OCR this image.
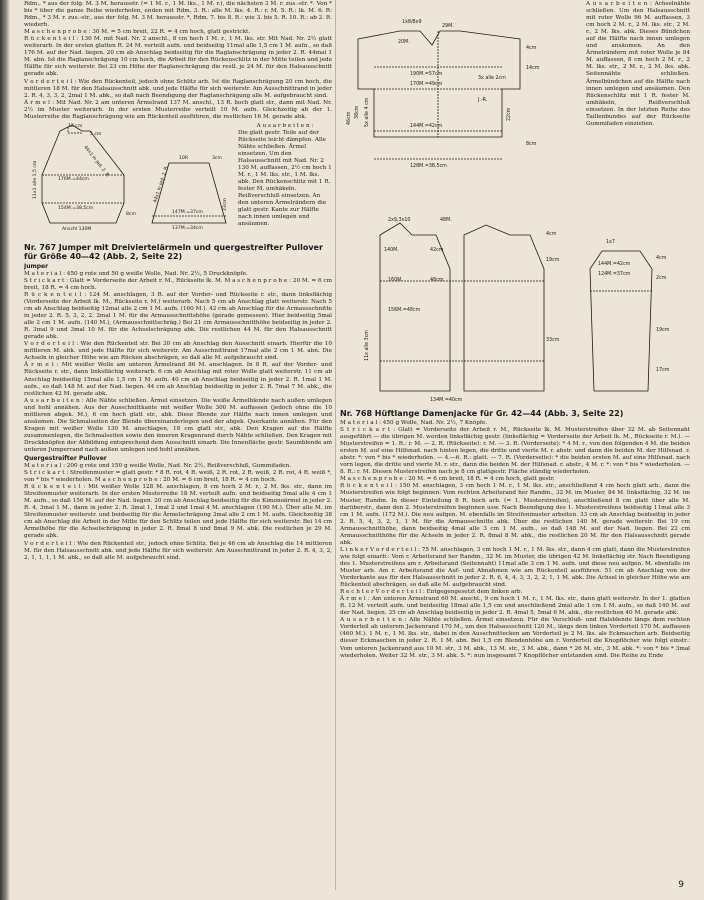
Rdm., * aus der folg. M. 3 M. herausstr. (= 1 M. r., 1 M. lks., 1 M. r.), die nächsten 3 M. r. zus.-str. *. Von * bis * über die ganze Reihe wiederholen, enden mit Rdm. 3. R.: alle M. lks. 4. R.: r. M. 5. R.: lk. M. 6. R: Rdm., * 3 M. r. zus.-str., aus der folg. M. 3 M. herausstr. *, Rdm. 7. bis 8. R.: wie 3. bis 5. R. 10. R.: ab 2. R. wiederh.

M a s c h e n p r o b e : 30 M. = 5 cm breit, 22 R. = 4 cm hoch, glatt gestrickt.

R ü c k e n t e i l : 130 M. mit Nad. Nr. 2 anschl., 8 cm hoch 1 M. r., 1 M. lks. str. Mit Nad. Nr. 2½ glatt weiterarb. In der ersten glatten R. 24 M. verteilt aufn. und beidseitig 11mal alle 1,5 cm 1 M. aufn., so daß 176 M. auf der Nad. liegen. 20 cm ab Anschlag beidseitig für die Raglanschrägung in jeder 2. R. 44mal 1 M. abn. Ist die Raglanschrägung 10 cm hoch, die Arbeit für den Rückenschlitz in der Mitte teilen und jede Hälfte für sich weiterstr. Bei 23 cm Höhe der Raglanschrägung die restl. je 24 M. für den Halsausschnitt gerade abk.

V o r d e r t e i l : Wie den Rückenteil, jedoch ohne Schlitz arb. Ist die Raglanschrägung 20 cm hoch, die mittleren 18 M. für den Halsausschnitt abk. und jede Hälfte für sich weiterstr. Am Ausschnittrand in jeder 2. R. 4, 3, 3, 2, 2mal 1 M. abk., so daß nach Beendigung der Raglanschrägung alle M. aufgebraucht sind.

Ä r m e l : Mit Nad. Nr. 2 am unteren Ärmelrand 137 M. anschl., 13 R. hoch glatt str., dann mit Nad. Nr. 2½ im Muster weiterarb. In der ersten Musterreihe verteilt 10 M. aufn. Gleichzeitig ab der 1. Musterreihe die Raglanschrägung wie am Rückenteil ausführen, die restlichen 16 M. gerade abk.

12 cm
5 cm
44x1 in jed. 2. R.
11x1 alle 1,5 cm	176M.=44cm
154M.=38,5cm
8cm
Anschl 130M
10R	3cm
147M.=37cm
137M.=34cm
23cm
44x1 in jed. 2. R.
A u s a r b e i t e n :
Die glatt gestr. Teile auf der Rückseite leicht dämpfen. Alle Nähte schließen. Ärmel einsetzen. Um den Halsausschnitt mit Nad. Nr. 2 130 M. auffassen, 2½ cm hoch 1 M. r., 1 M. lks. str., 1 M. lks. abk. Den Rückenschlitz mit 1 R. fester M. umhäkeln. Reißverschluß einsetzen. An den unteren Ärmelrändern die glatt gestr. Kante zur Hälfte nach innen umlegen und ansäumen.
Nr. 767 Jumper mit Dreiviertelärmeln und quergestreifter Pullover für Größe 40—42 (Abb. 2, Seite 22)
Jumper

M a t e r i a l : 450 g rote und 50 g weiße Wolle, Nad. Nr. 2½, 5 Druckknöpfe.

S t r i c k a r t : Glatt = Vorderseite der Arbeit r. M., Rückseite lk. M. M a s c h e n p r o b e : 20 M. = 6 cm breit, 18 R. = 4 cm hoch.

R ü c k e n t e i l : 124 M. anschlagen, 3 R. auf der Vorder- und Rückseite r. str., dann linksflächig (Vorderseite der Arbeit lk. M., Rückseite r. M.) weiterarb. Nach 5 cm ab Anschlag glatt weiterstr. Nach 5 cm ab Anschlag beidseitig 12mal alle 2 cm 1 M. aufn. (160 M.). 42 cm ab Anschlag für die Armausschnitte in jeder 2. R. 5, 3, 2, 2, 2mal 1 M. für die Armausschnittshöhe (gerade gemessen). Hier beidseitig 5mal alle 2 cm 1 M. aufn. (140 M.), (Armausschnittschräg.) Bei 21 cm Armausschnitthöhe beidseitig in jeder 2. R. 3mal 9 und 3mal 10 M. für die Achselschrägung abk. Die restlichen 44 M. für den Halsausschnitt gerade abk.

V o r d e r t e i l : Wie den Rückenteil str. Bei 30 cm ab Anschlag den Ausschnitt einarb. Hierfür die 10 mittleren M. abk. und jede Hälfte für sich weiterstr. Am Ausschnittrand 17mal alle 2 cm 1 M. abn. Die Achseln in gleicher Höhe wie am Rücken abschrägen, so daß alle M. aufgebraucht sind.

Ä r m e l : Mit weißer Wolle am unteren Ärmelrand 86 M. anschlagen. In 8 R. auf der Vorder- und Rückseite r. str., dann linksflächig weiterarb. 6 cm ab Anschlag mit roter Wolle glatt weiterstr. 11 cm ab Anschlag beidseitig 15mal alle 1,5 cm 1 M. aufn. 40 cm ab Anschlag beidseitig in jeder 2. R. 1mal 1 M. aufn., so daß 148 M. auf der Nad. liegen. 44 cm ab Anschlag beidseitig in jeder 2. R. 7mal 7 M. abk., die restlichen 42 M. gerade abk.

A u s a r b e i t e n : Alle Nähte schließen. Ärmel einsetzen. Die weiße Ärmelblende nach außen umlegen und hohl annähen. Aus der Ausschnittkante mit weißer Wolle 300 M. auffassen (jedoch ohne die 10 mittleren abgek. M.), 6 cm hoch glatt str., abk. Diese Blende zur Hälfte nach innen umlegen und ansäumen. Die Schmalseiten der Blende übereinanderlegen und der abgek. Querkante annähen. Für den Kragen mit weißer Wolle 130 M. anschlagen, 18 cm glatt str., abk. Den Kragen auf die Hälfte zusammenlegen, die Schmalseiten sowie den inneren Kragenrand durch Nähte schließen. Den Kragen mit Druckknöpfen der Abbildung entsprechend dem Ausschnitt einarb. Die Innenfläche gestr. Saumblende am unteren Jumperrand nach außen umlegen und hohl annähen.

Quergestreifter Pullover

M a t e r i a l : 200 g rote und 150 g weiße Wolle, Nad. Nr. 2½, Reißverschluß, Gummifaden.

S t r i c k a r t : Streifenmuster = glatt gestr. * 8 R. rot, 4 R. weiß, 2 R. rot, 2 R. weiß, 2 R. rot, 4 R. weiß *, von * bis * wiederholen. M a s c h e n p r o b e : 20 M. = 6 cm breit, 18 R. = 4 cm hoch.

R ü c k e n t e i l : Mit weißer Wolle 128 M. anschlagen, 8 cm hoch 2 M. r., 2 M. lks. str., dann im Streifenmuster weiterarb. In der ersten Musterreihe 18 M. verteilt aufn. und beidseitig 5mal alle 4 cm 1 M. aufn., so daß 156 M. auf der Nad. liegen. 20 cm ab Anschlag beidseitig für die Kimonoärmel in jeder 2. R. 4, 3mal 1 M., dann in jeder 2. R. 3mal 1, 1mal 2 und 1mal 4 M. anschlagen (190 M.). Über alle M. im Streifenmuster weiterstr. und beidseitig für die Ärmelschrägung 3mal alle 2 cm 1 M. aufn. Gleichzeitig 38 cm ab Anschlag die Arbeit in der Mitte für den Schlitz teilen und jede Hälfte für sich weiterstr. Bei 14 cm Ärmelhöhe für die Achselschrägung in jeder 2. R. 8mal 8 und 8mal 9 M. abk. Die restlichen je 29 M. gerade abk.

V o r d e r t e i l : Wie den Rückenteil str., jedoch ohne Schlitz. Bei je 46 cm ab Anschlag die 14 mittleren M. für den Halsausschnitt abk. und jede Hälfte für sich weiterstr. Am Ausschnittrand in jeder 2. R. 4, 3, 2, 2, 1, 1, 1, 1 M. abk., so daß alle M. aufgebraucht sind.

1x8/8x9
20M.
29M.
4cm
190M.=57cm
170M.=49cm
144M.=42cm
128M.=38,5cm
46cm 38cm	22cm
14cm
8cm
5x alle 4 cm
3x alle 2cm
J.-R.
A u s a r b e i t e n : Achselnähte schließen. Um den Halsausschnitt mit roter Wolle 96 M. auffassen, 3 cm hoch 2 M. r., 2 M. lks. str., 2 M. r., 2 M. lks. abk. Dieses Bündchen auf die Hälfte nach innen umlegen und ansäumen. An den Ärmelrändern mit roter Wolle je 84 M. auffassen, 8 cm hoch 2 M. r., 2 M. lks. str., 2 M. r., 2 M. lks. abk. Seitennähte schließen. Ärmelbündchen auf die Hälfte nach innen umlegen und ansäumen. Den Rückenschlitz mit 1 R. fester M. umhäkeln, Reißverschluß einsetzen. In der letzten Reihe des Taillenbundes auf der Rückseite Gummifaden einziehen.
2x9,3x10	48M.
140M.	42cm
160M.	48cm
156M.=48cm
4cm
19cm
33cm
11x alle 3cm
134M.=40cm
1x7
144M.=42cm
124M.=37cm
4cm
2cm
19cm
17cm
Nr. 768 Hüftlange Damenjacke für Gr. 42—44 (Abb. 3, Seite 22)

M a t e r i a l : 450 g Wolle, Nad. Nr. 2½, 7 Knöpfe.

S t r i c k a r t : Glatt = Vorderseite der Arbeit r. M., Rückseite lk. M. Musterstreifen über 32 M. ab Seitennaht ausgeführt — die übrigen M. werden linksflächig gestr. (linksflächig = Vorderseite der Arbeit lk. M., Rückseite r. M.). — Musterstreifen = 1. R.: r. M. — 2. R. (Rückseite): r. M. — 3. R. (Vorderseite): * 4 M. r., von den folgenden 4 M. die beiden ersten M. auf eine Hilfsnad. nach hinten legen, die dritte und vierte M. r. abstr. und dann die beiden M. der Hilfsnad. r. abstr. *: von * bis * wiederholen. — 4.—6. R.: glatt. — 7. R. (Vorderseite): * die beiden ersten M. auf eine Hilfsnad. nach vorn legen, die dritte und vierte M. r. str., dann die beiden M. der Hilfsnad. r. abstr., 4 M. r. *: von * bis * wiederholen. — 8. R.: r. M. Diesen Musterstreifen nach je 8 cm glattgestr. Fläche ständig wiederholen.

M a s c h e n p r o b e : 20 M. = 6 cm breit, 18 R. = 4 cm hoch, glatt gestr.

R ü c k e n t e i l : 150 M. anschlagen, 3 cm hoch 1 M. r., 1 M. lks. str., anschließend 4 cm hoch glatt arb., dann die Musterstreifen wie folgt beginnen: Vom rechten Arbeitsrand her Randm., 32 M. im Muster, 84 M. linksflächig, 32 M. im Muster, Randm. In dieser Einteilung 8 R. hoch arb. (= 1. Musterstreifen), anschließend 8 cm glatt über alle M. darüberstr., dann den 2. Musterstreifen beginnen usw. Nach Beendigung des 1. Musterstreifens beidseitig 11mal alle 3 cm 1 M. aufn. (172 M.). Die neu aufgen. M. ebenfalls im Streifenmuster arbeiten. 33 cm ab Anschlag beidseitig in jeder 2. R. 5, 4, 3, 2, 1, 1 M. für die Armausschnitte abk. Über die restlichen 140 M. gerade weiterstr. Bei 19 cm Armausschnitthöhe, dann beidseitig 4mal alle 3 cm 1 M. aufn., so daß 148 M. auf der Nad. liegen. Bei 22 cm Armausschnitthöhe für die Achseln in jeder 2. R. 8mal 8 M. abk., die restlichen 20 M. für den Halsausschnitt gerade abk.

L i n k e r V o r d e r t e i l : 75 M. anschlagen, 3 cm hoch 1 M. r., 1 M. lks. str., dann 4 cm glatt, dann die Musterstreifen wie folgt einarb.: Vom r. Arbeitsrand her Randm., 32 M. im Muster, die übrigen 42 M. linksflächig str. Nach Beendigung des 1. Musterstreifens am r. Arbeitsrand (Seitennaht) 11mal alle 3 cm 1 M. aufn. und diese neu aufgen. M. ebenfalls im Muster arb. Am r. Arbeitsrand die Auf- und Abnahmen wie am Rückenteil ausführen. 51 cm ab Anschlag von der Vorderkante aus für den Halsausschnitt in jeder 2. R. 6, 4, 4, 3, 3, 2, 2, 1, 1 M. abk. Die Achsel in gleicher Höhe wie am Rückenteil abschrägen, so daß alle M. aufgebraucht sind.

R e c h t e r V o r d e r t e i l : Entgegengesetzt dem linken arb.

Ä r m e l : Am unteren Ärmelrand 60 M. anschl., 9 cm hoch 1 M. r., 1 M. lks. str., dann glatt weiterstr. In der 1. glatten R. 12 M. verteilt aufn. und beidseitig 18mal alle 1,5 cm und anschließend 2mal alle 1 cm 1 M. aufn., so daß 140 M. auf der Nad. liegen. 35 cm ab Anschlag beidseitig in jeder 2. R. 4mal 5, 5mal 6 M. abk., die restlichen 40 M. gerade abk.

A u s a r b e i t e n : Alle Nähte schließen. Ärmel einsetzen. Für die Verschluß- und Halsblende längs dem rechten Vorderteil ab unterem Jackenrand 170 M., um den Halsausschnitt 120 M., längs dem linken Vorderteil 170 M. auffassen (460 M.). 1 M. r., 1 M. lks. str., dabei in den Ausschnittecken am Vorderteil je 2 M. lks. als Eckmaschen arb. Beidseitig dieser Eckmaschen in jeder 2. R. 1 M. abn. Bei 1,5 cm Blendenhöhe am r. Vorderteil die Knopflöcher wie folgt einstr.: Vom unteren Jackenrand aus 10 M. str., 3 M. abk., 13 M. str., 3 M. abk., dann * 26 M. str., 3 M. abk. *: von * bis * 3mal wiederholen. Weiter 32 M. str., 3 M. abk. 5. *: nun insgesamt 7 Knopflöcher entstanden sind. Die Reihe zu Ende

9
